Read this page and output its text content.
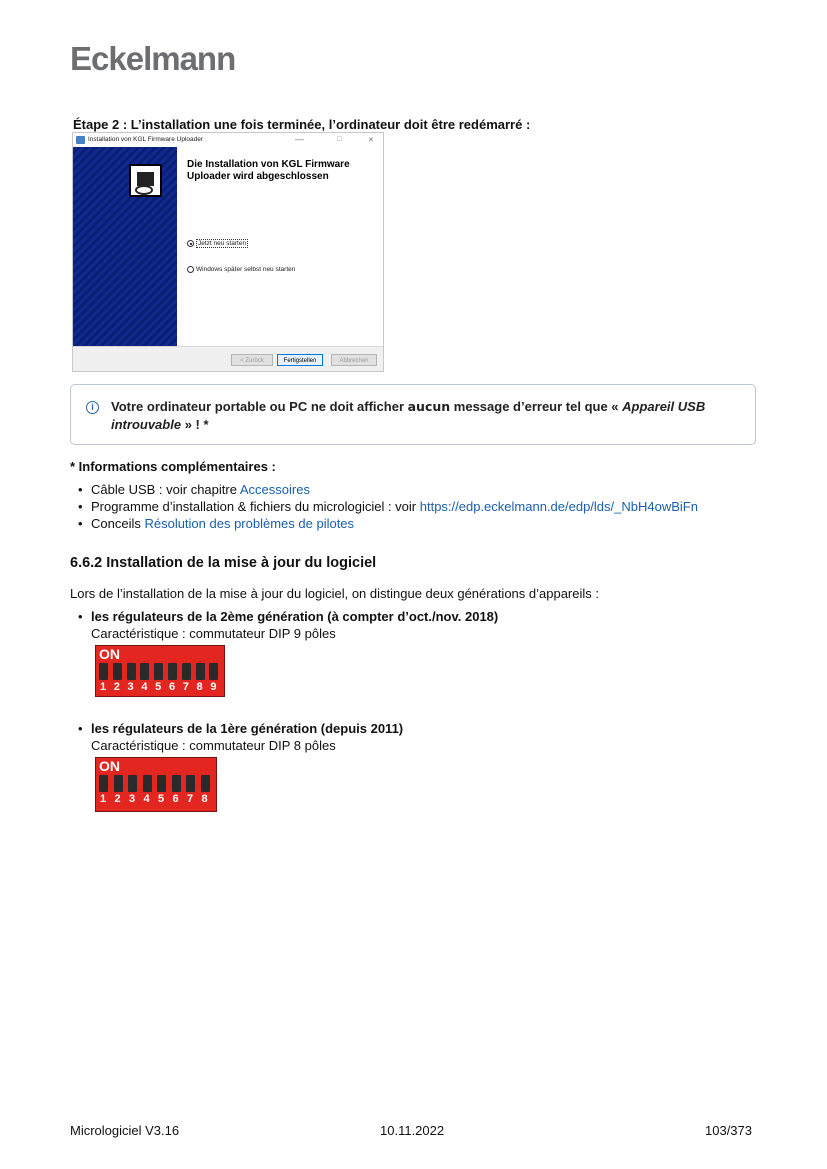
Eckelmann
Étape 2 : L’installation une fois terminée, l’ordinateur doit être redémarré :
Installation von KGL Firmware Uploader	—	□	✕
Die Installation von KGL Firmware Uploader wird abgeschlossen
Jetzt neu starten
Windows später selbst neu starten
< Zurück	Fertigstellen	Abbrechen
i	Votre ordinateur portable ou PC ne doit afficher aucun message d’erreur tel que « Appareil USB introuvable » ! *
* Informations complémentaires :
• Câble USB : voir chapitre Accessoires
• Programme d’installation & fichiers du micrologiciel : voir https://edp.eckelmann.de/edp/lds/_NbH4owBiFn
• Conceils Résolution des problèmes de pilotes
6.6.2 Installation de la mise à jour du logiciel
Lors de l’installation de la mise à jour du logiciel, on distingue deux générations d’appareils :
• les régulateurs de la 2ème génération (à compter d’oct./nov. 2018)
Caractéristique : commutateur DIP 9 pôles
ON
1 2 3 4 5 6 7 8 9
• les régulateurs de la 1ère génération (depuis 2011)
Caractéristique : commutateur DIP 8 pôles
ON
1 2 3 4 5 6 7 8
Micrologiciel V3.16	10.11.2022	103/373
